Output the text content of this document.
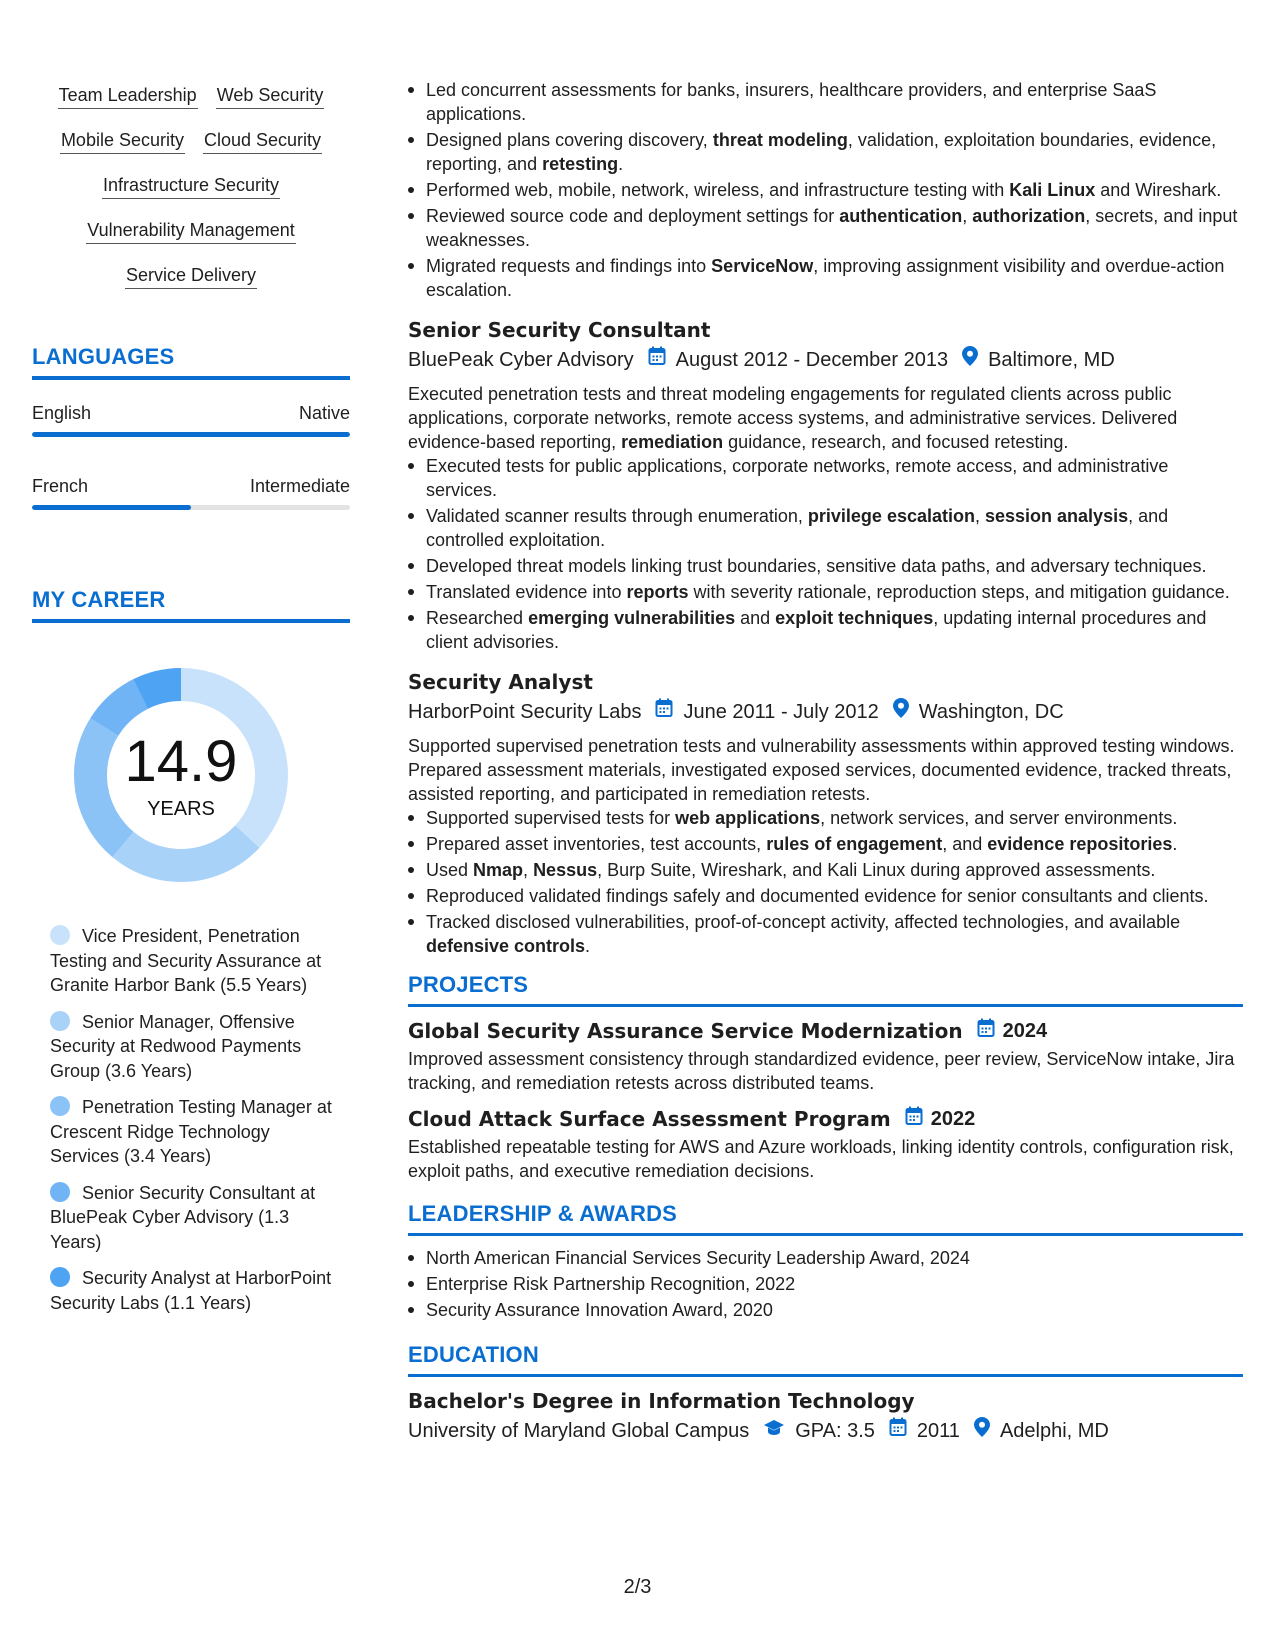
Team Leadership Web Security
Mobile Security Cloud Security
Infrastructure Security
Vulnerability Management
Service Delivery
LANGUAGES
English	Native
French	Intermediate
MY CAREER
14.9
YEARS
Vice President, Penetration Testing and Security Assurance at Granite Harbor Bank (5.5 Years)
Senior Manager, Offensive Security at Redwood Payments Group (3.6 Years)
Penetration Testing Manager at Crescent Ridge Technology Services (3.4 Years)
Senior Security Consultant at BluePeak Cyber Advisory (1.3 Years)
Security Analyst at HarborPoint Security Labs (1.1 Years)
Led concurrent assessments for banks, insurers, healthcare providers, and enterprise SaaS applications.
Designed plans covering discovery, threat modeling, validation, exploitation boundaries, evidence, reporting, and retesting.
Performed web, mobile, network, wireless, and infrastructure testing with Kali Linux and Wireshark.
Reviewed source code and deployment settings for authentication, authorization, secrets, and input weaknesses.
Migrated requests and findings into ServiceNow, improving assignment visibility and overdue-action escalation.
Senior Security Consultant
BluePeak Cyber Advisory August 2012 - December 2013 Baltimore, MD
Executed penetration tests and threat modeling engagements for regulated clients across public applications, corporate networks, remote access systems, and administrative services. Delivered evidence-based reporting, remediation guidance, research, and focused retesting.
Executed tests for public applications, corporate networks, remote access, and administrative services.
Validated scanner results through enumeration, privilege escalation, session analysis, and controlled exploitation.
Developed threat models linking trust boundaries, sensitive data paths, and adversary techniques.
Translated evidence into reports with severity rationale, reproduction steps, and mitigation guidance.
Researched emerging vulnerabilities and exploit techniques, updating internal procedures and client advisories.
Security Analyst
HarborPoint Security Labs June 2011 - July 2012 Washington, DC
Supported supervised penetration tests and vulnerability assessments within approved testing windows. Prepared assessment materials, investigated exposed services, documented evidence, tracked threats, assisted reporting, and participated in remediation retests.
Supported supervised tests for web applications, network services, and server environments.
Prepared asset inventories, test accounts, rules of engagement, and evidence repositories.
Used Nmap, Nessus, Burp Suite, Wireshark, and Kali Linux during approved assessments.
Reproduced validated findings safely and documented evidence for senior consultants and clients.
Tracked disclosed vulnerabilities, proof-of-concept activity, affected technologies, and available defensive controls.
PROJECTS
Global Security Assurance Service Modernization 2024
Improved assessment consistency through standardized evidence, peer review, ServiceNow intake, Jira tracking, and remediation retests across distributed teams.
Cloud Attack Surface Assessment Program 2022
Established repeatable testing for AWS and Azure workloads, linking identity controls, configuration risk, exploit paths, and executive remediation decisions.
LEADERSHIP & AWARDS
North American Financial Services Security Leadership Award, 2024
Enterprise Risk Partnership Recognition, 2022
Security Assurance Innovation Award, 2020
EDUCATION
Bachelor's Degree in Information Technology
University of Maryland Global Campus GPA: 3.5 2011 Adelphi, MD
2/3
